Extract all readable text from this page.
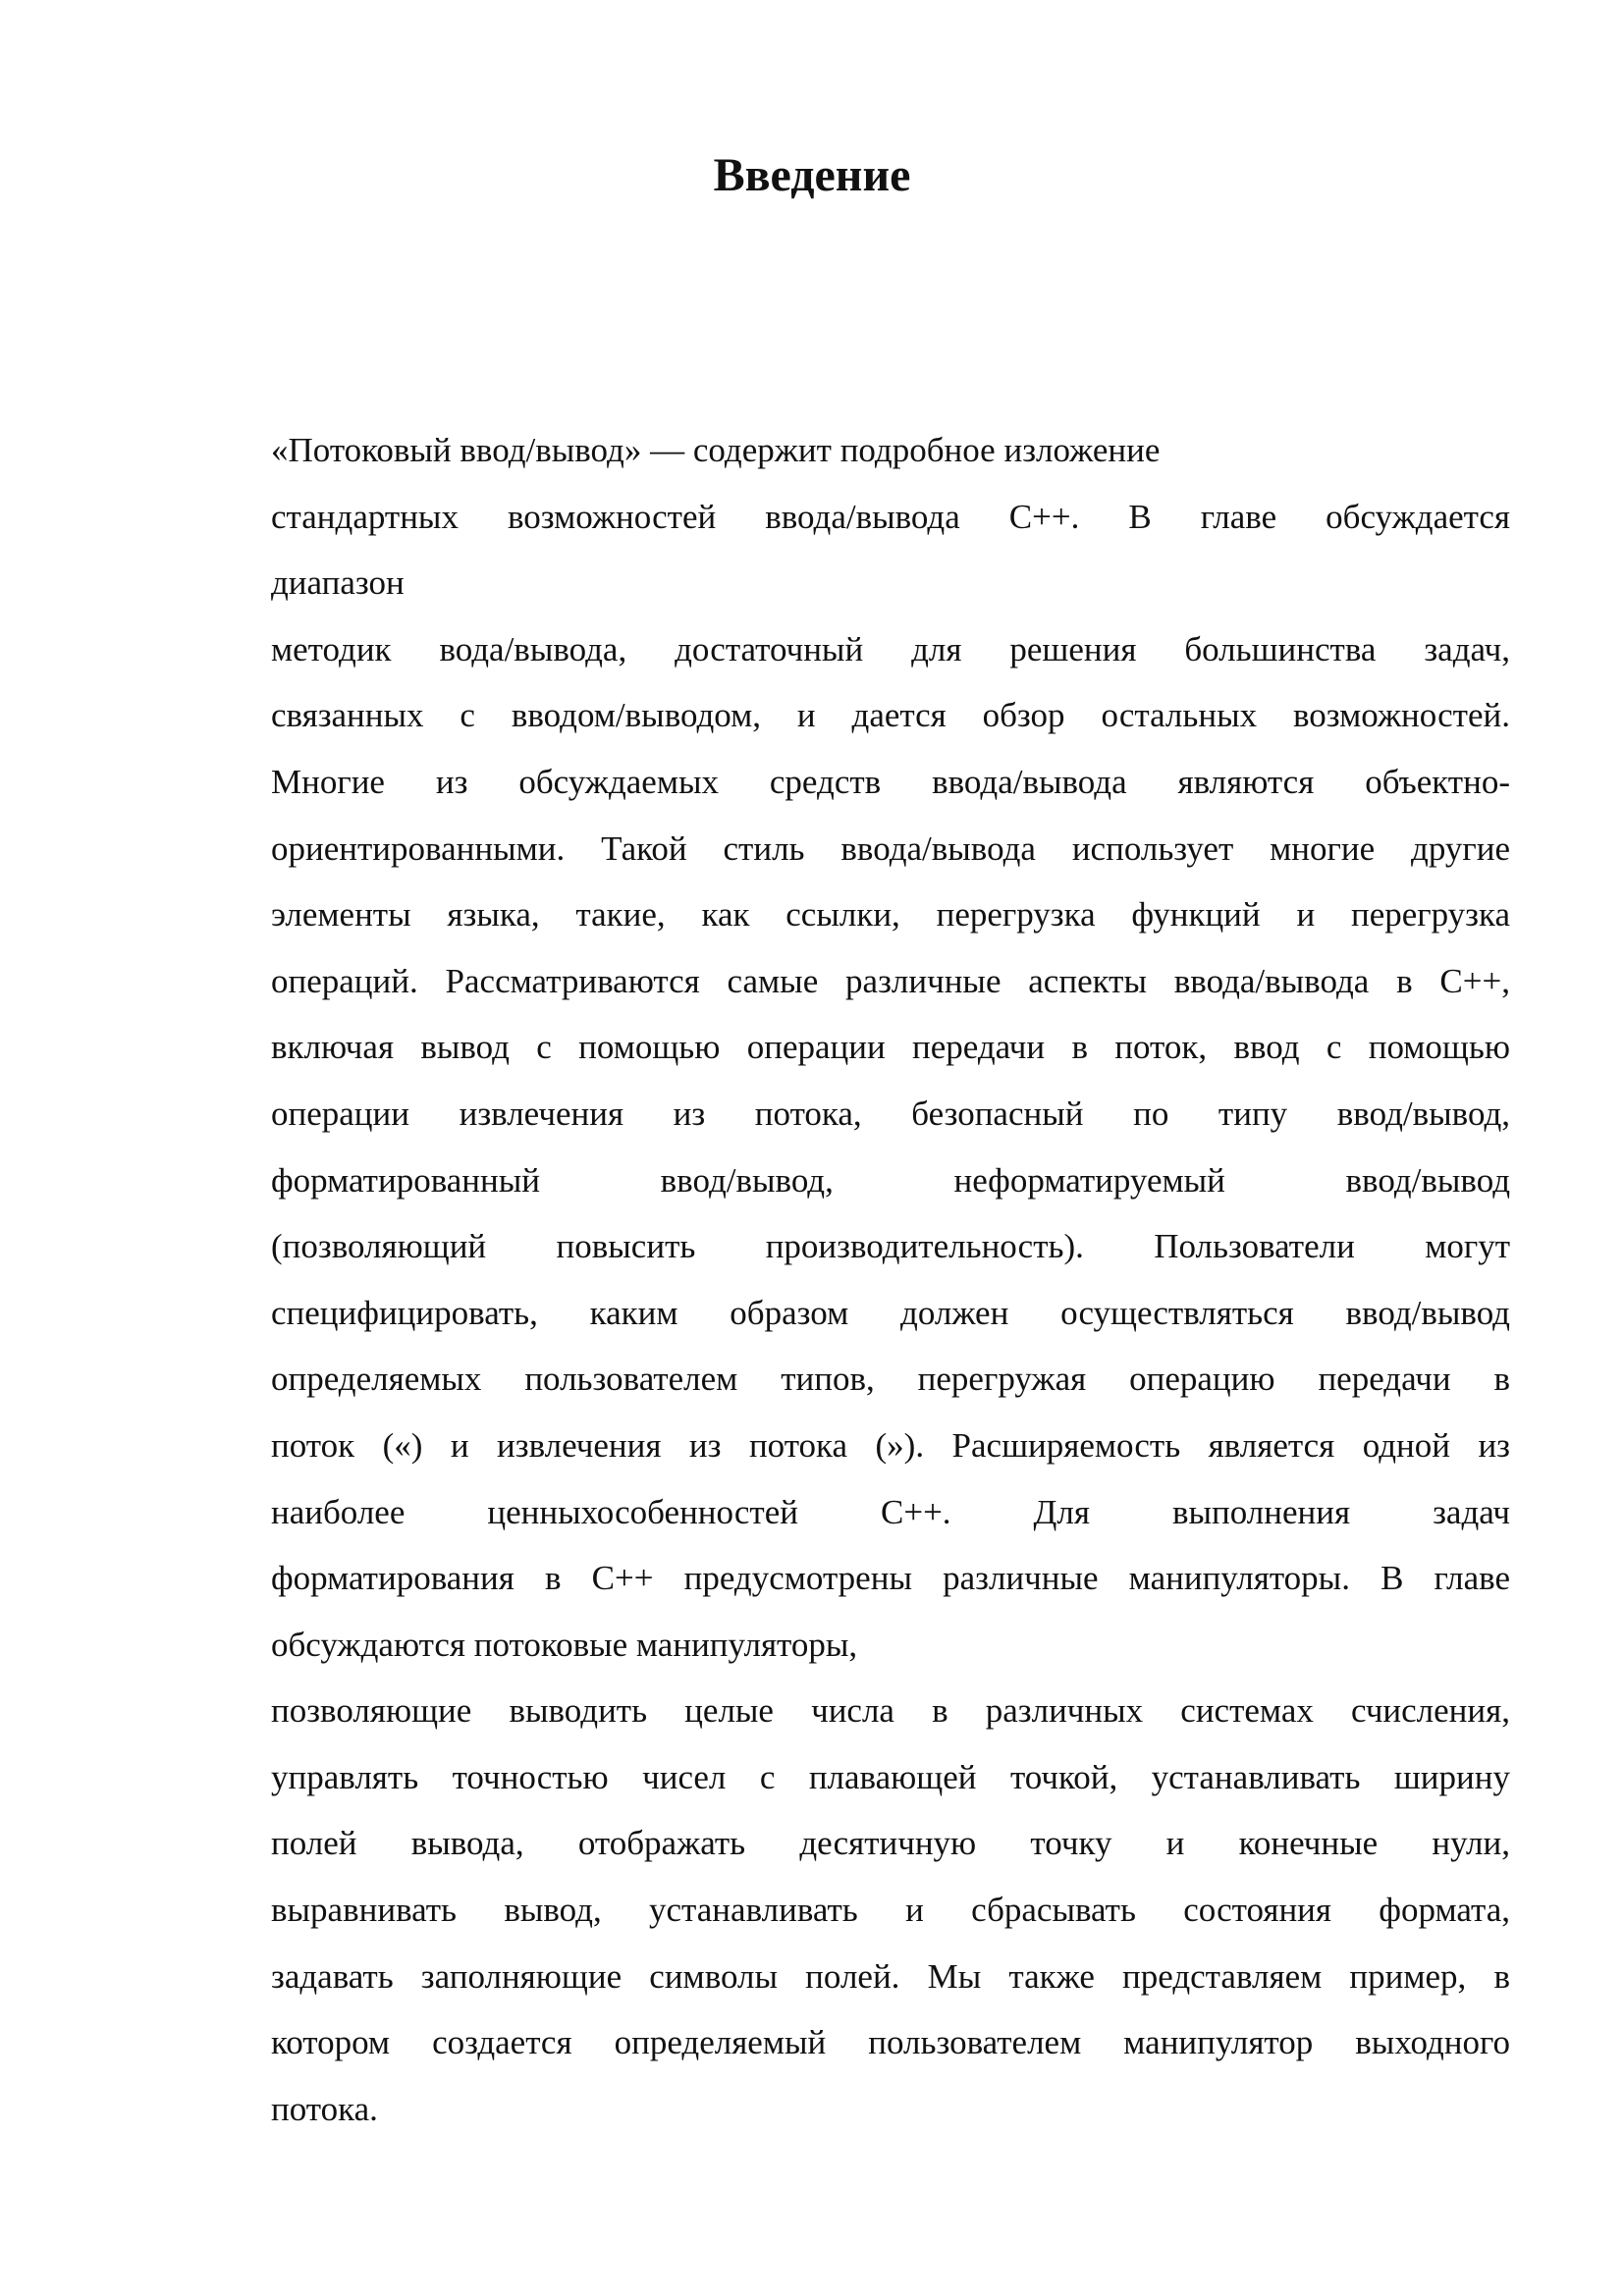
Введение
«Потоковый ввод/вывод» — содержит подробное изложение
стандартных возможностей ввода/вывода С++. В главе обсуждается
диапазон
методик вода/вывода, достаточный для решения большинства задач,
связанных с вводом/выводом, и дается обзор остальных возможностей.
Многие из обсуждаемых средств ввода/вывода являются объектно-
ориентированными. Такой стиль ввода/вывода использует многие другие
элементы языка, такие, как ссылки, перегрузка функций и перегрузка
операций. Рассматриваются самые различные аспекты ввода/вывода в С++,
включая вывод с помощью операции передачи в поток, ввод с помощью
операции извлечения из потока, безопасный по типу ввод/вывод,
форматированный ввод/вывод, неформатируемый ввод/вывод
(позволяющий повысить производительность). Пользователи могут
специфицировать, каким образом должен осуществляться ввод/вывод
определяемых пользователем типов, перегружая операцию передачи в
поток («) и извлечения из потока (»). Расширяемость является одной из
наиболее ценныхособенностей С++. Для выполнения задач
форматирования в С++ предусмотрены различные манипуляторы. В главе
обсуждаются потоковые манипуляторы,
позволяющие выводить целые числа в различных системах счисления,
управлять точностью чисел с плавающей точкой, устанавливать ширину
полей вывода, отображать десятичную точку и конечные нули,
выравнивать вывод, устанавливать и сбрасывать состояния формата,
задавать заполняющие символы полей. Мы также представляем пример, в
котором создается определяемый пользователем манипулятор выходного
потока.
